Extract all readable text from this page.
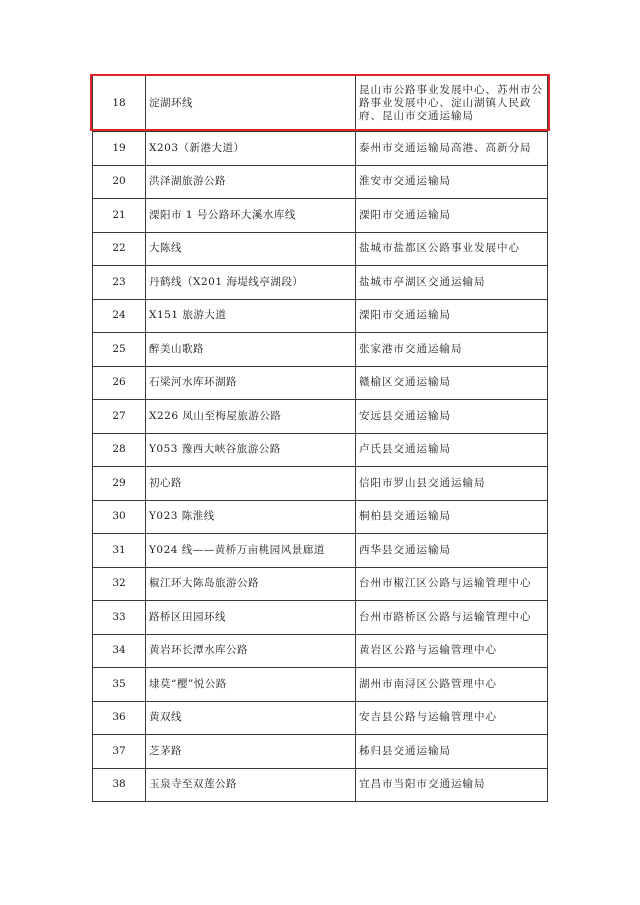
18	淀湖环线	昆山市公路事业发展中心、苏州市公路事业发展中心、淀山湖镇人民政府、昆山市交通运输局
19	X203（新港大道）	泰州市交通运输局高港、高新分局
20	洪泽湖旅游公路	淮安市交通运输局
21	溧阳市 1 号公路环大溪水库线	溧阳市交通运输局
22	大陈线	盐城市盐都区公路事业发展中心
23	丹鹤线（X201 海堤线亭湖段）	盐城市亭湖区交通运输局
24	X151 旅游大道	溧阳市交通运输局
25	醉美山歌路	张家港市交通运输局
26	石梁河水库环湖路	赣榆区交通运输局
27	X226 凤山至梅屋旅游公路	安远县交通运输局
28	Y053 豫西大峡谷旅游公路	卢氏县交通运输局
29	初心路	信阳市罗山县交通运输局
30	Y023 陈淮线	桐柏县交通运输局
31	Y024 线——黄桥万亩桃园风景廊道	西华县交通运输局
32	椒江环大陈岛旅游公路	台州市椒江区公路与运输管理中心
33	路桥区田园环线	台州市路桥区公路与运输管理中心
34	黄岩环长潭水库公路	黄岩区公路与运输管理中心
35	埭莫“樱”悦公路	湖州市南浔区公路管理中心
36	黄双线	安吉县公路与运输管理中心
37	芝茅路	秭归县交通运输局
38	玉泉寺至双莲公路	宜昌市当阳市交通运输局
